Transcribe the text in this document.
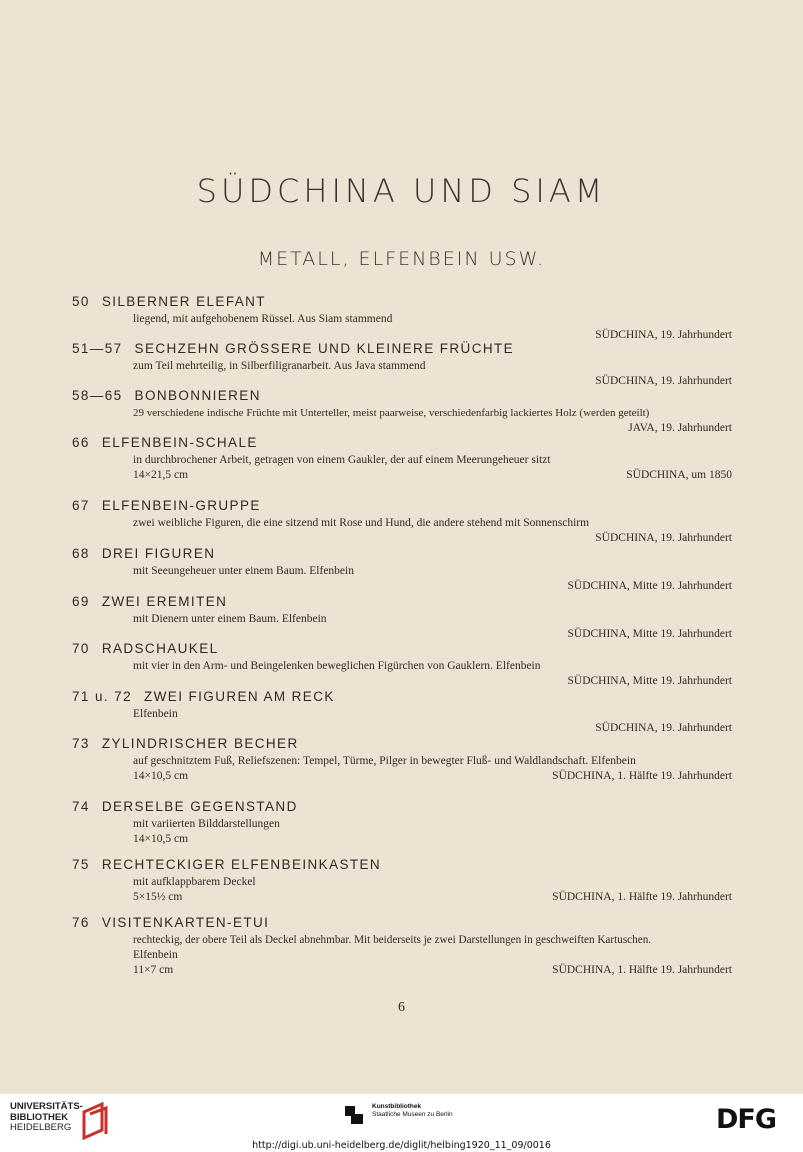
SÜDCHINA UND SIAM
METALL, ELFENBEIN USW.
50 SILBERNER ELEFANT
liegend, mit aufgehobenem Rüssel. Aus Siam stammend
SÜDCHINA, 19. Jahrhundert
51—57 SECHZEHN GRÖSSERE UND KLEINERE FRÜCHTE
zum Teil mehrteilig, in Silberfiligranarbeit. Aus Java stammend
SÜDCHINA, 19. Jahrhundert
58—65 BONBONNIEREN
29 verschiedene indische Früchte mit Unterteller, meist paarweise, verschiedenfarbig lackiertes Holz (werden geteilt)
JAVA, 19. Jahrhundert
66 ELFENBEIN-SCHALE
in durchbrochener Arbeit, getragen von einem Gaukler, der auf einem Meerungeheuer sitzt
14×21,5 cm	SÜDCHINA, um 1850
67 ELFENBEIN-GRUPPE
zwei weibliche Figuren, die eine sitzend mit Rose und Hund, die andere stehend mit Sonnenschirm
SÜDCHINA, 19. Jahrhundert
68 DREI FIGUREN
mit Seeungeheuer unter einem Baum. Elfenbein
SÜDCHINA, Mitte 19. Jahrhundert
69 ZWEI EREMITEN
mit Dienern unter einem Baum. Elfenbein
SÜDCHINA, Mitte 19. Jahrhundert
70 RADSCHAUKEL
mit vier in den Arm- und Beingelenken beweglichen Figürchen von Gauklern. Elfenbein
SÜDCHINA, Mitte 19. Jahrhundert
71 u. 72 ZWEI FIGUREN AM RECK
Elfenbein
SÜDCHINA, 19. Jahrhundert
73 ZYLINDRISCHER BECHER
auf geschnitztem Fuß, Reliefszenen: Tempel, Türme, Pilger in bewegter Fluß- und Waldlandschaft. Elfenbein
14×10,5 cm	SÜDCHINA, 1. Hälfte 19. Jahrhundert
74 DERSELBE GEGENSTAND
mit variierten Bilddarstellungen
14×10,5 cm
75 RECHTECKIGER ELFENBEINKASTEN
mit aufklappbarem Deckel
5×15½ cm	SÜDCHINA, 1. Hälfte 19. Jahrhundert
76 VISITENKARTEN-ETUI
rechteckig, der obere Teil als Deckel abnehmbar. Mit beiderseits je zwei Darstellungen in geschweiften Kartuschen.
Elfenbein
11×7 cm	SÜDCHINA, 1. Hälfte 19. Jahrhundert
6
UNIVERSITÄTS-
BIBLIOTHEK
HEIDELBERG
Kunstbibliothek
Staatliche Museen zu Berlin	DFG
http://digi.ub.uni-heidelberg.de/diglit/helbing1920_11_09/0016
